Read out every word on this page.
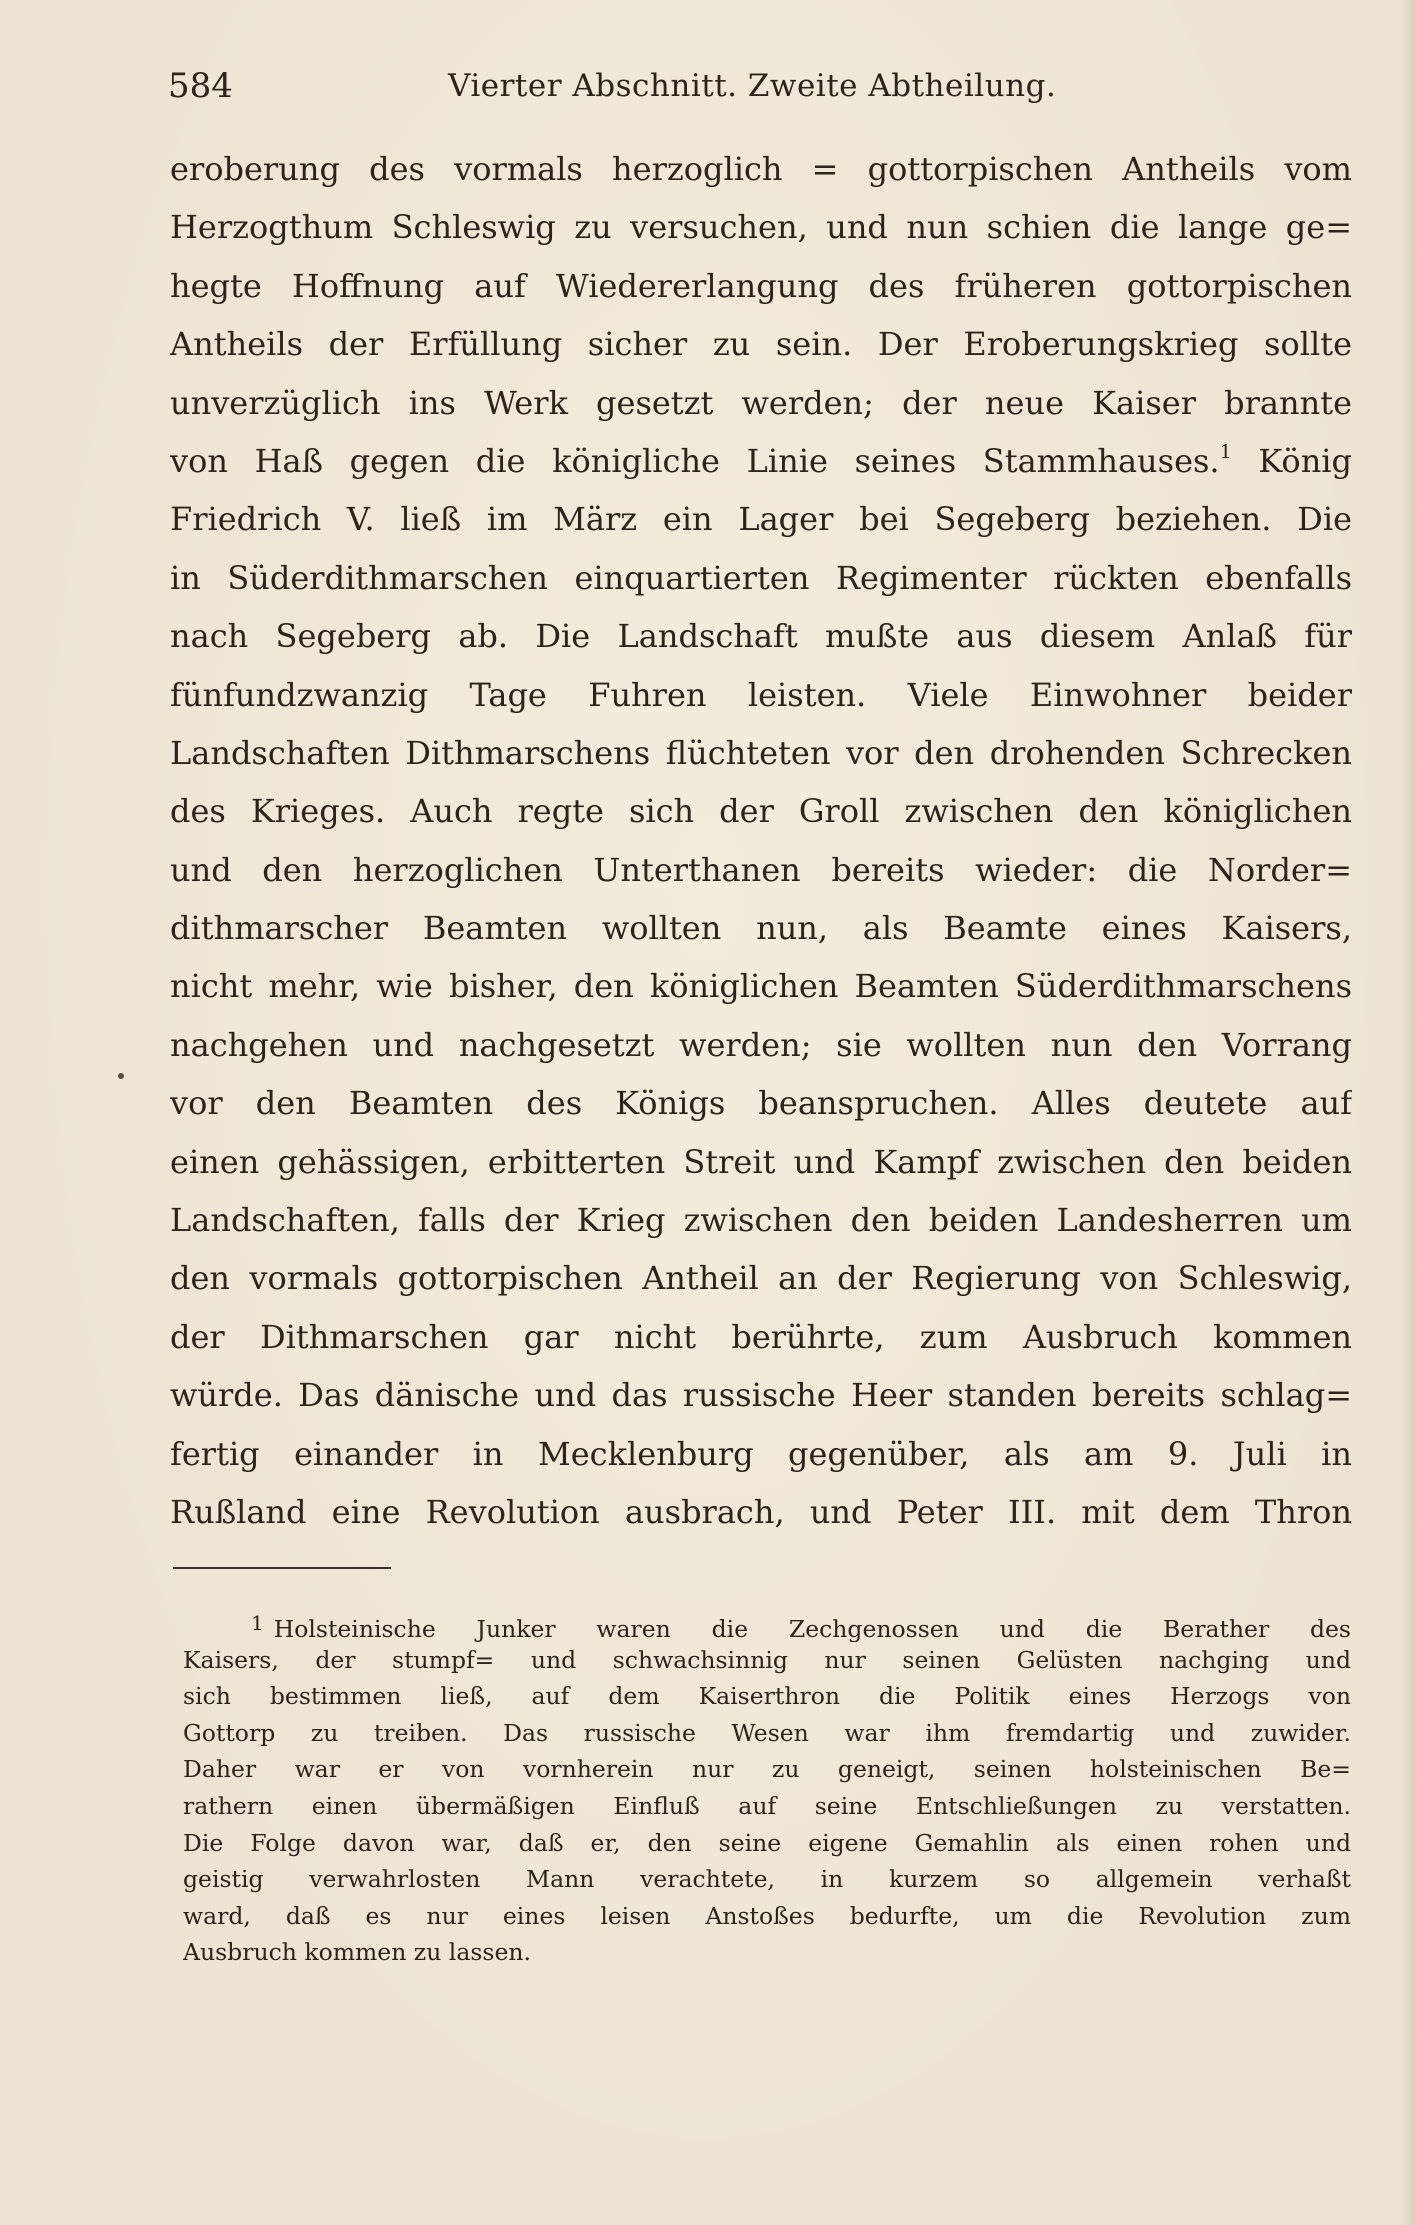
584	Vierter Abschnitt. Zweite Abtheilung.
eroberung des vormals herzoglich = gottorpischen Antheils vom
Herzogthum Schleswig zu versuchen, und nun schien die lange ge=
hegte Hoffnung auf Wiedererlangung des früheren gottorpischen
Antheils der Erfüllung sicher zu sein. Der Eroberungskrieg sollte
unverzüglich ins Werk gesetzt werden; der neue Kaiser brannte
von Haß gegen die königliche Linie seines Stammhauses.$^1$ König
Friedrich V. ließ im März ein Lager bei Segeberg beziehen. Die
in Süderdithmarschen einquartierten Regimenter rückten ebenfalls
nach Segeberg ab. Die Landschaft mußte aus diesem Anlaß für
fünfundzwanzig Tage Fuhren leisten. Viele Einwohner beider
Landschaften Dithmarschens flüchteten vor den drohenden Schrecken
des Krieges. Auch regte sich der Groll zwischen den königlichen
und den herzoglichen Unterthanen bereits wieder: die Norder=
dithmarscher Beamten wollten nun, als Beamte eines Kaisers,
nicht mehr, wie bisher, den königlichen Beamten Süderdithmarschens
nachgehen und nachgesetzt werden; sie wollten nun den Vorrang
vor den Beamten des Königs beanspruchen. Alles deutete auf
einen gehässigen, erbitterten Streit und Kampf zwischen den beiden
Landschaften, falls der Krieg zwischen den beiden Landesherren um
den vormals gottorpischen Antheil an der Regierung von Schleswig,
der Dithmarschen gar nicht berührte, zum Ausbruch kommen
würde. Das dänische und das russische Heer standen bereits schlag=
fertig einander in Mecklenburg gegenüber, als am 9. Juli in
Rußland eine Revolution ausbrach, und Peter III. mit dem Thron
1 Holsteinische Junker waren die Zechgenossen und die Berather des
Kaisers, der stumpf= und schwachsinnig nur seinen Gelüsten nachging und
sich bestimmen ließ, auf dem Kaiserthron die Politik eines Herzogs von
Gottorp zu treiben. Das russische Wesen war ihm fremdartig und zuwider.
Daher war er von vornherein nur zu geneigt, seinen holsteinischen Be=
rathern einen übermäßigen Einfluß auf seine Entschließungen zu verstatten.
Die Folge davon war, daß er, den seine eigene Gemahlin als einen rohen und
geistig verwahrlosten Mann verachtete, in kurzem so allgemein verhaßt
ward, daß es nur eines leisen Anstoßes bedurfte, um die Revolution zum
Ausbruch kommen zu lassen.
